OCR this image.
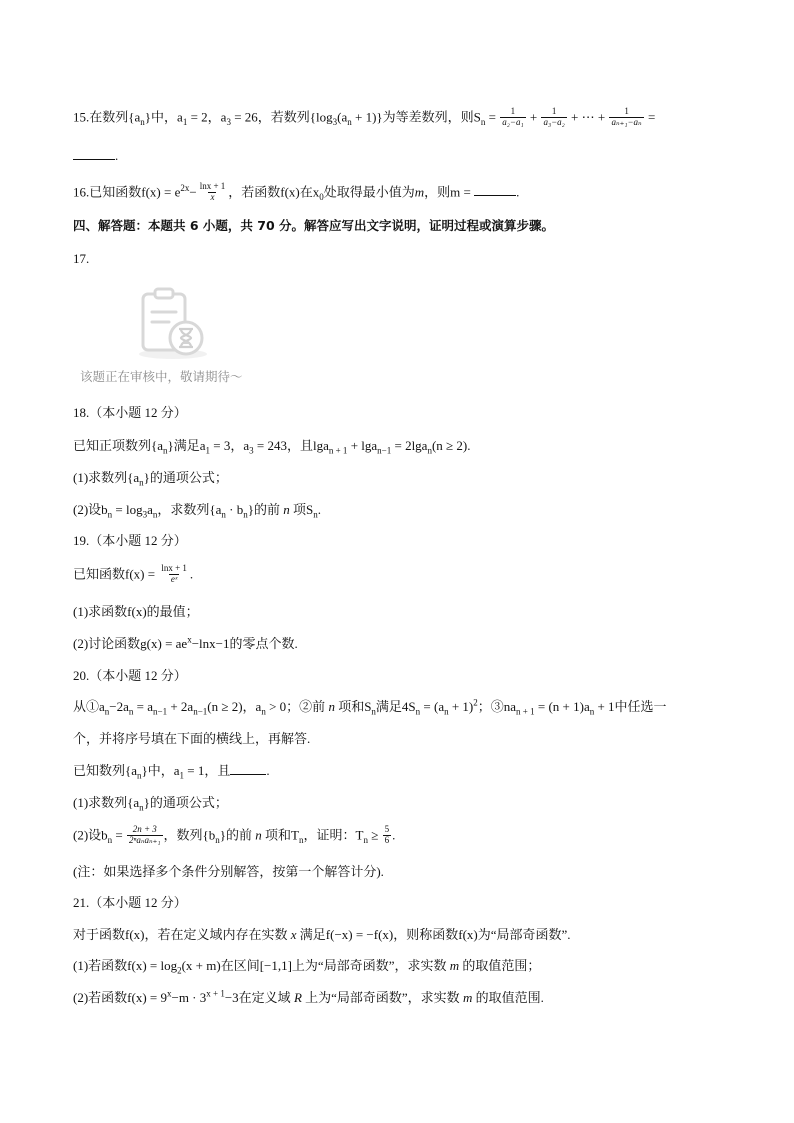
15.在数列$\{a_n\}$中，$a_1 = 2$，$a_3 = 26$，若数列$\{\log_3(a_n + 1)\}$为等差数列，则$S_n = \frac{1}{\text{a₂−a₁}} + \frac{1}{\text{a₃−a₂}}$ + ⋯ + $\frac{1}{\text{aₙ₊₁−aₙ}}$ =
.
16.已知函数$f(x) = e^{2x}- \frac{\ln x + 1}{x}$ ，若函数f(x)在$x_0$处取得最小值为m，则m =	.
四、解答题：本题共 6 小题，共 70 分。解答应写出文字说明，证明过程或演算步骤。
17.
该题正在审核中，敬请期待～
18.（本小题 12 分）
已知正项数列$\{a_n\}$满足$a_1 = 3$，$a_3 = 243$，且lga$_{n + 1}$ + lga$_{n-1}$ = 2lga$_n$(n ≥ 2).
(1)求数列$\{a_n\}$的通项公式；
(2)设$b_n = \log_3a_n$，求数列$\{a_n \cdot b_n\}$的前 n 项$S_n$.
19.（本小题 12 分）
已知函数$f(x) = \frac{\ln x + 1}{\text{eˣ}}$ .
(1)求函数f(x)的最值；
(2)讨论函数$g(x) = ae^x-\ln x-1$的零点个数.
20.（本小题 12 分）
从$①a_n-2a_n = a_{n-1} + 2a_{n-1}(n \ge 2)$，$a_n > 0$；②前 n 项和$S_n$满足$4S_n = (a_n + 1)^2$；$③na_{n + 1} = (n + 1)a_n + 1$中任选一
个，并将序号填在下面的横线上，再解答.
已知数列$\{a_n\}$中，$a_1 = 1$，且	.
(1)求数列$\{a_n\}$的通项公式；
(2)设$b_n = \frac{2n + 3}{\text{2ⁿaₙaₙ₊₁}}$ ，数列$\{b_n\}$的前 n 项和$T_n$，证明：$T_n \ge \frac{5}{6}$ .
(注：如果选择多个条件分别解答，按第一个解答计分).
21.（本小题 12 分）
对于函数f(x)，若在定义域内存在实数 x 满足f(−x) = −f(x)，则称函数f(x)为“局部奇函数”.
(1)若函数$f(x) = \log_2(x + m)$在区间[−1,1]上为“局部奇函数”，求实数 m 的取值范围；
(2)若函数$f(x) = 9^x-m \cdot 3^{x + 1}-3$在定义域 R 上为“局部奇函数”，求实数 m 的取值范围.
